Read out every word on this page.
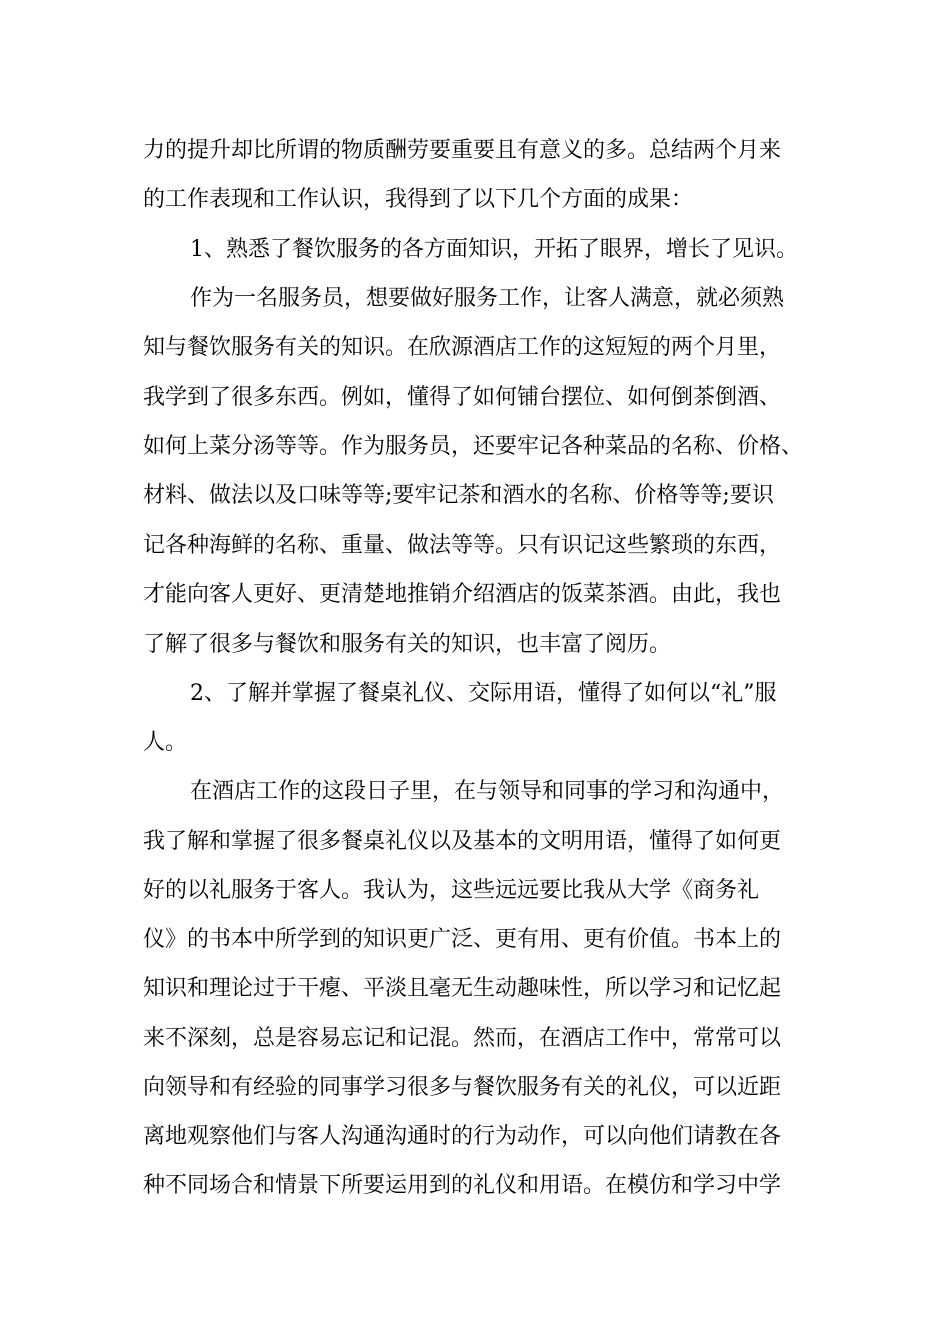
力的提升却比所谓的物质酬劳要重要且有意义的多。总结两个月来

的工作表现和工作认识，我得到了以下几个方面的成果：

1、熟悉了餐饮服务的各方面知识，开拓了眼界，增长了见识。

作为一名服务员，想要做好服务工作，让客人满意，就必须熟

知与餐饮服务有关的知识。在欣源酒店工作的这短短的两个月里，

我学到了很多东西。例如，懂得了如何铺台摆位、如何倒茶倒酒、

如何上菜分汤等等。作为服务员，还要牢记各种菜品的名称、价格、

材料、做法以及口味等等;要牢记茶和酒水的名称、价格等等;要识

记各种海鲜的名称、重量、做法等等。只有识记这些繁琐的东西，

才能向客人更好、更清楚地推销介绍酒店的饭菜茶酒。由此，我也

了解了很多与餐饮和服务有关的知识，也丰富了阅历。

2、了解并掌握了餐桌礼仪、交际用语，懂得了如何以“礼”服

人。

在酒店工作的这段日子里，在与领导和同事的学习和沟通中，

我了解和掌握了很多餐桌礼仪以及基本的文明用语，懂得了如何更

好的以礼服务于客人。我认为，这些远远要比我从大学《商务礼

仪》的书本中所学到的知识更广泛、更有用、更有价值。书本上的

知识和理论过于干瘪、平淡且毫无生动趣味性，所以学习和记忆起

来不深刻，总是容易忘记和记混。然而，在酒店工作中，常常可以

向领导和有经验的同事学习很多与餐饮服务有关的礼仪，可以近距

离地观察他们与客人沟通沟通时的行为动作，可以向他们请教在各

种不同场合和情景下所要运用到的礼仪和用语。在模仿和学习中学
